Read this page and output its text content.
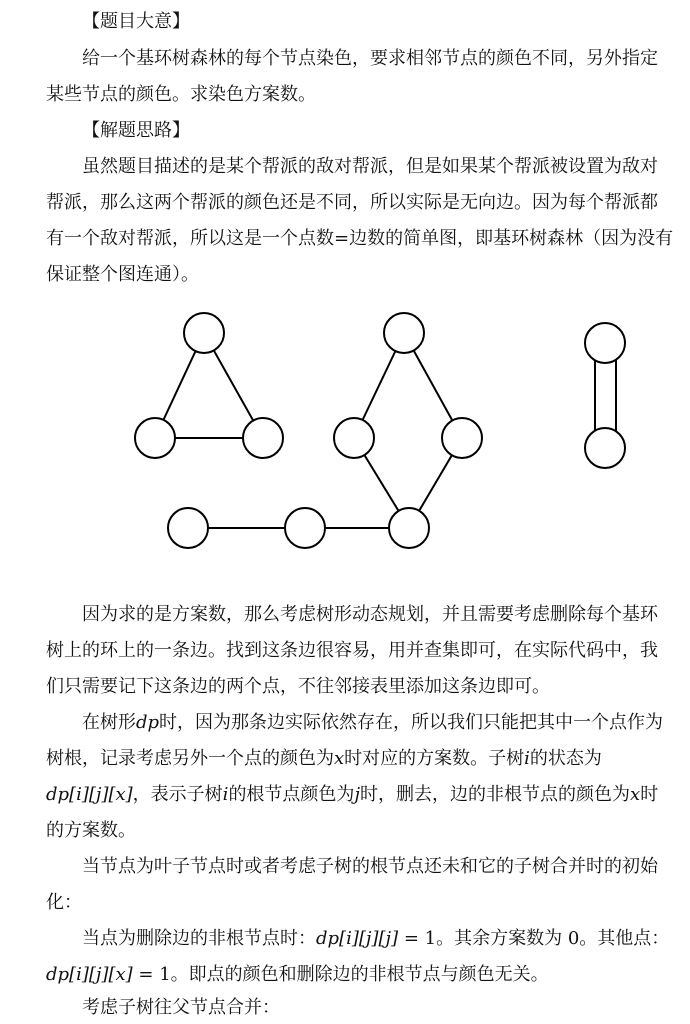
【题目大意】
给一个基环树森林的每个节点染色，要求相邻节点的颜色不同，另外指定
某些节点的颜色。求染色方案数。
【解题思路】
虽然题目描述的是某个帮派的敌对帮派，但是如果某个帮派被设置为敌对
帮派，那么这两个帮派的颜色还是不同，所以实际是无向边。因为每个帮派都
有一个敌对帮派，所以这是一个点数=边数的简单图，即基环树森林（因为没有
保证整个图连通）。
因为求的是方案数，那么考虑树形动态规划，并且需要考虑删除每个基环
树上的环上的一条边。找到这条边很容易，用并查集即可，在实际代码中，我
们只需要记下这条边的两个点，不往邻接表里添加这条边即可。
在树形dp时，因为那条边实际依然存在，所以我们只能把其中一个点作为
树根，记录考虑另外一个点的颜色为x时对应的方案数。子树i的状态为
dp[i][j][x]，表示子树i的根节点颜色为j时，删去，边的非根节点的颜色为x时
的方案数。
当节点为叶子节点时或者考虑子树的根节点还未和它的子树合并时的初始
化：
当点为删除边的非根节点时：dp[i][j][j] = 1。其余方案数为 0。其他点：
dp[i][j][x] = 1。即点的颜色和删除边的非根节点与颜色无关。
考虑子树往父节点合并：
